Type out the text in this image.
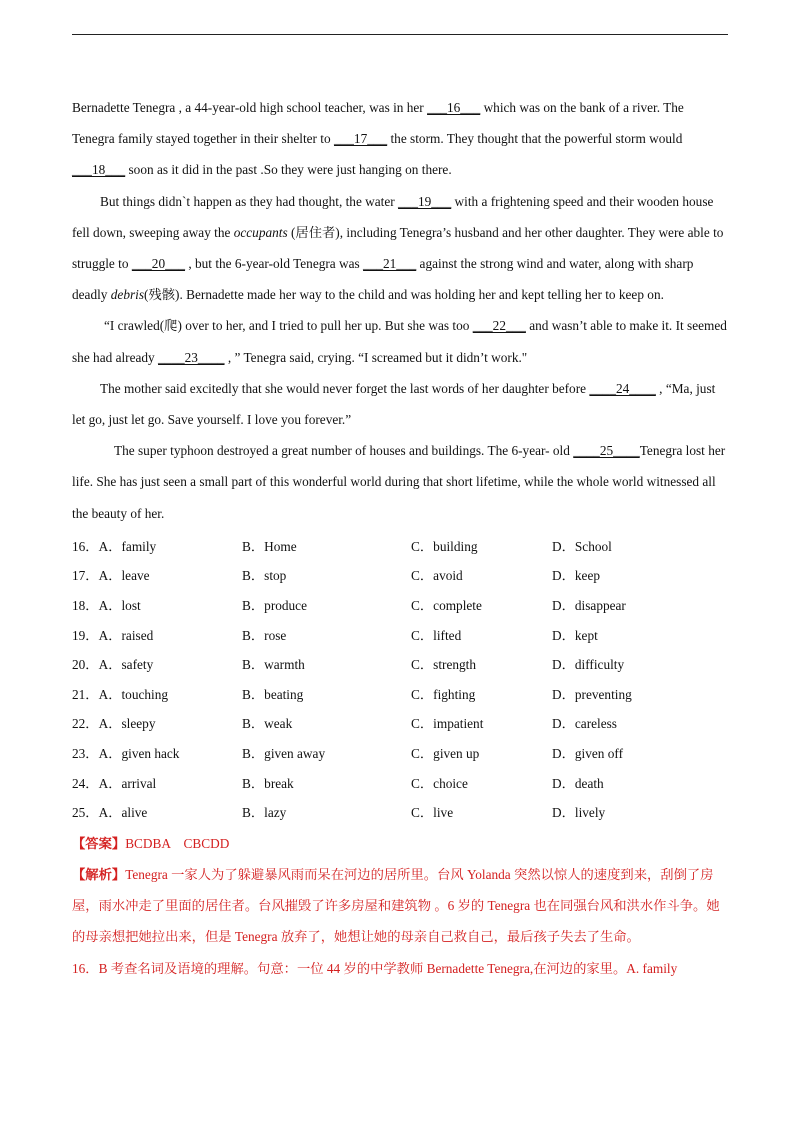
Bernadette Tenegra , a 44-year-old high school teacher, was in her ___16___ which was on the bank of a river. The Tenegra family stayed together in their shelter to ___17___ the storm. They thought that the powerful storm would ___18___ soon as it did in the past .So they were just hanging on there.

But things didn`t happen as they had thought, the water ___19___ with a frightening speed and their wooden house fell down, sweeping away the occupants (居住者), including Tenegra’s husband and her other daughter. They were able to struggle to ___20___ , but the 6-year-old Tenegra was ___21___ against the strong wind and water, along with sharp deadly debris(残骸). Bernadette made her way to the child and was holding her and kept telling her to keep on.

“I crawled(爬) over to her, and I tried to pull her up. But she was too ___22___ and wasn’t able to make it. It seemed she had already ____23____ , ” Tenegra said, crying. “I screamed but it didn’t work."

The mother said excitedly that she would never forget the last words of her daughter before ____24____ , “Ma, just let go, just let go. Save yourself. I love you forever.”

The super typhoon destroyed a great number of houses and buildings. The 6-year- old ____25____Tenegra lost her life. She has just seen a small part of this wonderful world during that short lifetime, while the whole world witnessed all the beauty of her.

16．A．family	B．Home	C．building	D．School
17．A．leave	B．stop	C．avoid	D．keep
18．A．lost	B．produce	C．complete	D．disappear
19．A．raised	B．rose	C．lifted	D．kept
20．A．safety	B．warmth	C．strength	D．difficulty
21．A．touching	B．beating	C．fighting	D．preventing
22．A．sleepy	B．weak	C．impatient	D．careless
23．A．given hack	B．given away	C．given up	D．given off
24．A．arrival	B．break	C．choice	D．death
25．A．alive	B．lazy	C．live	D．lively

【答案】BCDBA    CBCDD

【解析】Tenegra 一家人为了躲避暴风雨而呆在河边的居所里。台风 Yolanda 突然以惊人的速度到来，刮倒了房屋，雨水冲走了里面的居住者。台风摧毁了许多房屋和建筑物 。6 岁的 Tenegra 也在同强台风和洪水作斗争。她的母亲想把她拉出来，但是 Tenegra 放弃了，她想让她的母亲自己救自己，最后孩子失去了生命。

16．B 考查名词及语境的理解。句意：一位 44 岁的中学教师 Bernadette Tenegra,在河边的家里。A. family
